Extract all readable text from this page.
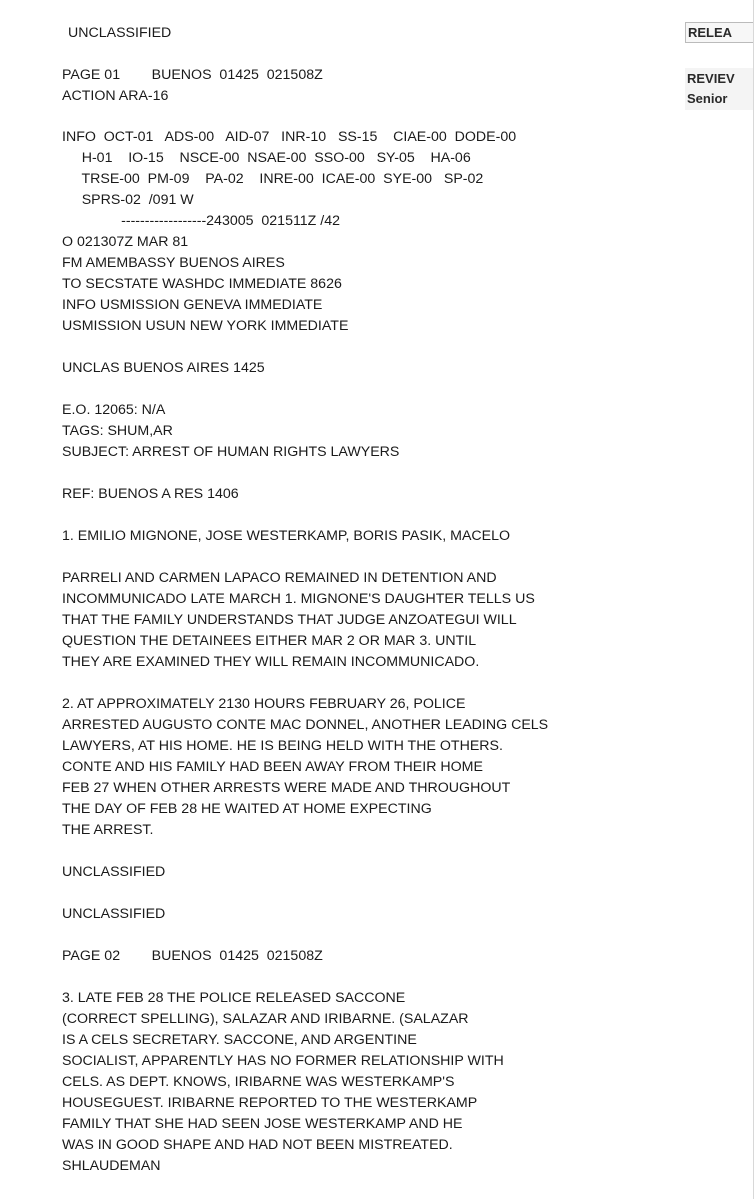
RELEA
REVIEV
Senior
UNCLASSIFIED
PAGE 01        BUENOS  01425  021508Z
ACTION ARA-16
INFO  OCT-01   ADS-00   AID-07   INR-10   SS-15    CIAE-00  DODE-00
H-01    IO-15    NSCE-00  NSAE-00  SSO-00   SY-05    HA-06
TRSE-00  PM-09    PA-02    INRE-00  ICAE-00  SYE-00   SP-02
SPRS-02  /091 W
------------------243005  021511Z /42
O 021307Z MAR 81
FM AMEMBASSY BUENOS AIRES
TO SECSTATE WASHDC IMMEDIATE 8626
INFO USMISSION GENEVA IMMEDIATE
USMISSION USUN NEW YORK IMMEDIATE
UNCLAS BUENOS AIRES 1425
E.O. 12065: N/A
TAGS: SHUM,AR
SUBJECT: ARREST OF HUMAN RIGHTS LAWYERS
REF: BUENOS A RES 1406
1. EMILIO MIGNONE, JOSE WESTERKAMP, BORIS PASIK, MACELO
PARRELI AND CARMEN LAPACO REMAINED IN DETENTION AND
INCOMMUNICADO LATE MARCH 1. MIGNONE'S DAUGHTER TELLS US
THAT THE FAMILY UNDERSTANDS THAT JUDGE ANZOATEGUI WILL
QUESTION THE DETAINEES EITHER MAR 2 OR MAR 3. UNTIL
THEY ARE EXAMINED THEY WILL REMAIN INCOMMUNICADO.
2. AT APPROXIMATELY 2130 HOURS FEBRUARY 26, POLICE
ARRESTED AUGUSTO CONTE MAC DONNEL, ANOTHER LEADING CELS
LAWYERS, AT HIS HOME. HE IS BEING HELD WITH THE OTHERS.
CONTE AND HIS FAMILY HAD BEEN AWAY FROM THEIR HOME
FEB 27 WHEN OTHER ARRESTS WERE MADE AND THROUGHOUT
THE DAY OF FEB 28 HE WAITED AT HOME EXPECTING
THE ARREST.
UNCLASSIFIED
UNCLASSIFIED
PAGE 02        BUENOS  01425  021508Z
3. LATE FEB 28 THE POLICE RELEASED SACCONE
(CORRECT SPELLING), SALAZAR AND IRIBARNE. (SALAZAR
IS A CELS SECRETARY. SACCONE, AND ARGENTINE
SOCIALIST, APPARENTLY HAS NO FORMER RELATIONSHIP WITH
CELS. AS DEPT. KNOWS, IRIBARNE WAS WESTERKAMP'S
HOUSEGUEST. IRIBARNE REPORTED TO THE WESTERKAMP
FAMILY THAT SHE HAD SEEN JOSE WESTERKAMP AND HE
WAS IN GOOD SHAPE AND HAD NOT BEEN MISTREATED.
SHLAUDEMAN
